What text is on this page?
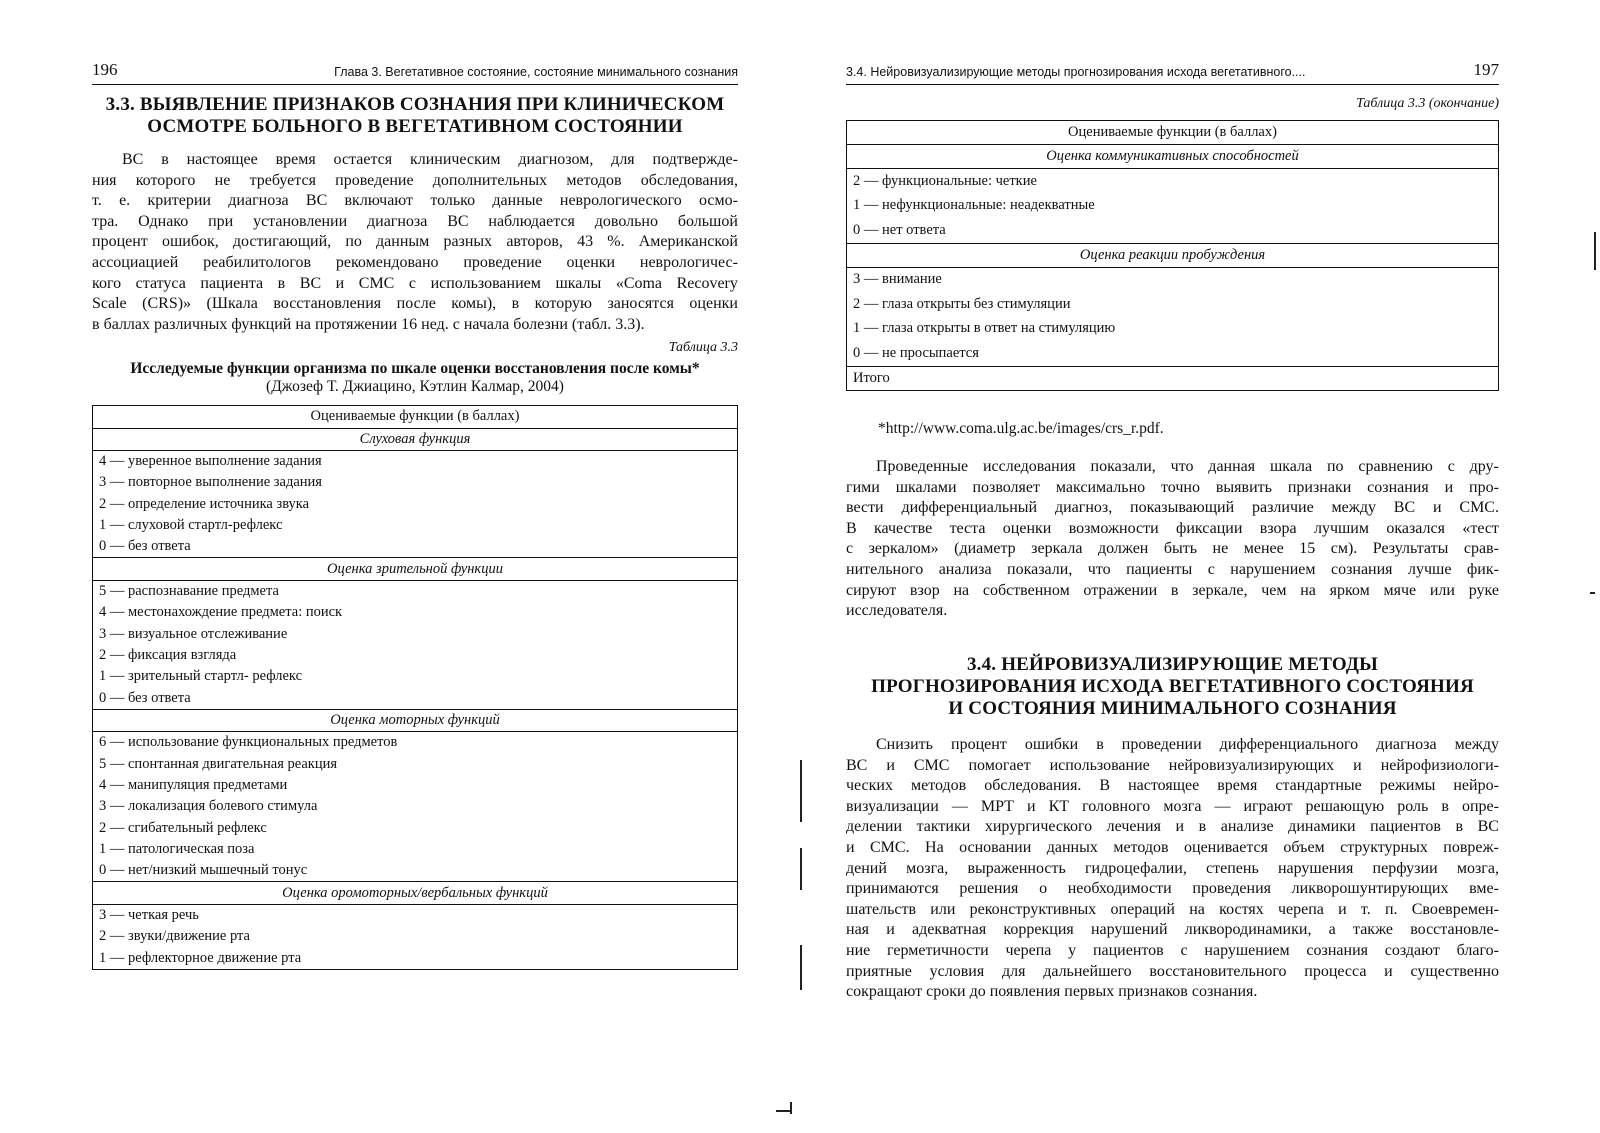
196	Глава 3. Вегетативное состояние, состояние минимального сознания
3.3. ВЫЯВЛЕНИЕ ПРИЗНАКОВ СОЗНАНИЯ ПРИ КЛИНИЧЕСКОМ
ОСМОТРЕ БОЛЬНОГО В ВЕГЕТАТИВНОМ СОСТОЯНИИ
ВС в настоящее время остается клиническим диагнозом, для подтвержде-
ния которого не требуется проведение дополнительных методов обследования,
т. е. критерии диагноза ВС включают только данные неврологического осмо-
тра. Однако при установлении диагноза ВС наблюдается довольно большой
процент ошибок, достигающий, по данным разных авторов, 43 %. Американской
ассоциацией реабилитологов рекомендовано проведение оценки неврологичес-
кого статуса пациента в ВС и СМС с использованием шкалы «Coma Recovery
Scale (CRS)» (Шкала восстановления после комы), в которую заносятся оценки
в
баллах
различных
функций
на
протяжении
16
нед.
с
начала
болезни
(табл.
3.3).
Таблица 3.3
Исследуемые функции организма по шкале оценки восстановления после комы*
(Джозеф Т. Джиацино, Кэтлин Калмар, 2004)
Оцениваемые функции (в баллах)
Слуховая функция
4 — уверенное выполнение задания
3 — повторное выполнение задания
2 — определение источника звука
1 — слуховой стартл-рефлекс
0 — без ответа
Оценка зрительной функции
5 — распознавание предмета
4 — местонахождение предмета: поиск
3 — визуальное отслеживание
2 — фиксация взгляда
1 — зрительный стартл- рефлекс
0 — без ответа
Оценка моторных функций
6 — использование функциональных предметов
5 — спонтанная двигательная реакция
4 — манипуляция предметами
3 — локализация болевого стимула
2 — сгибательный рефлекс
1 — патологическая поза
0 — нет/низкий мышечный тонус
Оценка оромоторных/вербальных функций
3 — четкая речь
2 — звуки/движение рта
1 — рефлекторное движение рта
3.4. Нейровизуализирующие методы прогнозирования исхода вегетативного....	197
Таблица 3.3 (окончание)
Оцениваемые функции (в баллах)
Оценка коммуникативных способностей
2 — функциональные: четкие
1 — нефункциональные: неадекватные
0 — нет ответа
Оценка реакции пробуждения
3 — внимание
2 — глаза открыты без стимуляции
1 — глаза открыты в ответ на стимуляцию
0 — не просыпается
Итого
*http://www.coma.ulg.ac.be/images/crs_r.pdf.
Проведенные исследования показали, что данная шкала по сравнению с дру-
гими шкалами позволяет максимально точно выявить признаки сознания и про-
вести дифференциальный диагноз, показывающий различие между ВС и СМС.
В качестве теста оценки возможности фиксации взора лучшим оказался «тест
с зеркалом» (диаметр зеркала должен быть не менее 15 см). Результаты срав-
нительного анализа показали, что пациенты с нарушением сознания лучше фик-
сируют взор на собственном отражении в зеркале, чем на ярком мяче или руке
исследователя.
3.4. НЕЙРОВИЗУАЛИЗИРУЮЩИЕ МЕТОДЫ
ПРОГНОЗИРОВАНИЯ ИСХОДА ВЕГЕТАТИВНОГО СОСТОЯНИЯ
И СОСТОЯНИЯ МИНИМАЛЬНОГО СОЗНАНИЯ
Снизить процент ошибки в проведении дифференциального диагноза между
ВС и СМС помогает использование нейровизуализирующих и нейрофизиологи-
ческих методов обследования. В настоящее время стандартные режимы нейро-
визуализации — МРТ и КТ головного мозга — играют решающую роль в опре-
делении тактики хирургического лечения и в анализе динамики пациентов в ВС
и СМС. На основании данных методов оценивается объем структурных повреж-
дений мозга, выраженность гидроцефалии, степень нарушения перфузии мозга,
принимаются решения о необходимости проведения ликворошунтирующих вме-
шательств или реконструктивных операций на костях черепа и т. п. Своевремен-
ная и адекватная коррекция нарушений ликвородинамики, а также восстановле-
ние герметичности черепа у пациентов с нарушением сознания создают благо-
приятные условия для дальнейшего восстановительного процесса и существенно
сокращают
сроки
до
появления
первых
признаков
сознания.
